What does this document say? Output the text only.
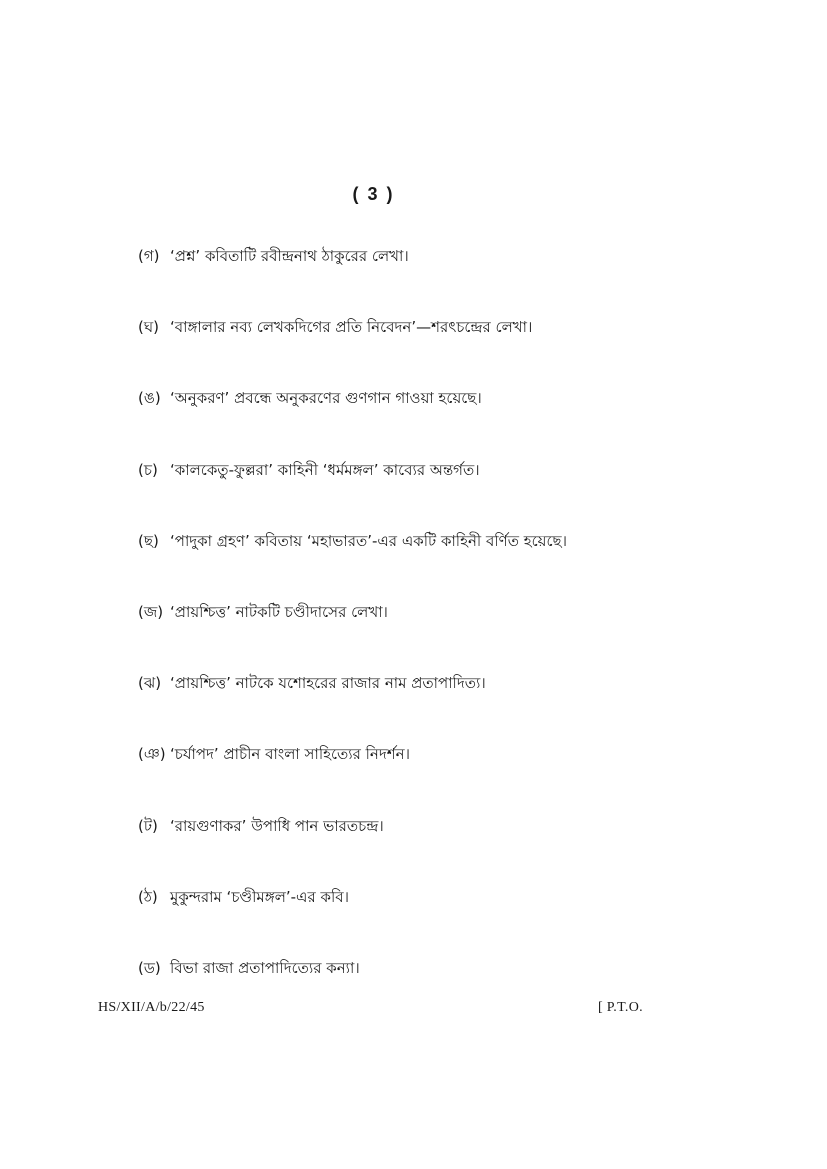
( 3 )
(গ) ‘প্রশ্ন’ কবিতাটি রবীন্দ্রনাথ ঠাকুরের লেখা।
(ঘ) ‘বাঙ্গালার নব্য লেখকদিগের প্রতি নিবেদন’—শরৎচন্দ্রের লেখা।
(ঙ) ‘অনুকরণ’ প্রবন্ধে অনুকরণের গুণগান গাওয়া হয়েছে।
(চ) ‘কালকেতু-ফুল্লরা’ কাহিনী ‘ধর্মমঙ্গল’ কাব্যের অন্তর্গত।
(ছ) ‘পাদুকা গ্রহণ’ কবিতায় ‘মহাভারত’-এর একটি কাহিনী বর্ণিত হয়েছে।
(জ) ‘প্রায়শ্চিত্ত’ নাটকটি চণ্ডীদাসের লেখা।
(ঝ) ‘প্রায়শ্চিত্ত’ নাটকে যশোহরের রাজার নাম প্রতাপাদিত্য।
(ঞ) ‘চর্যাপদ’ প্রাচীন বাংলা সাহিত্যের নিদর্শন।
(ট) ‘রায়গুণাকর’ উপাধি পান ভারতচন্দ্র।
(ঠ) মুকুন্দরাম ‘চণ্ডীমঙ্গল’-এর কবি।
(ড) বিভা রাজা প্রতাপাদিত্যের কন্যা।
HS/XII/A/b/22/45	[ P.T.O.
